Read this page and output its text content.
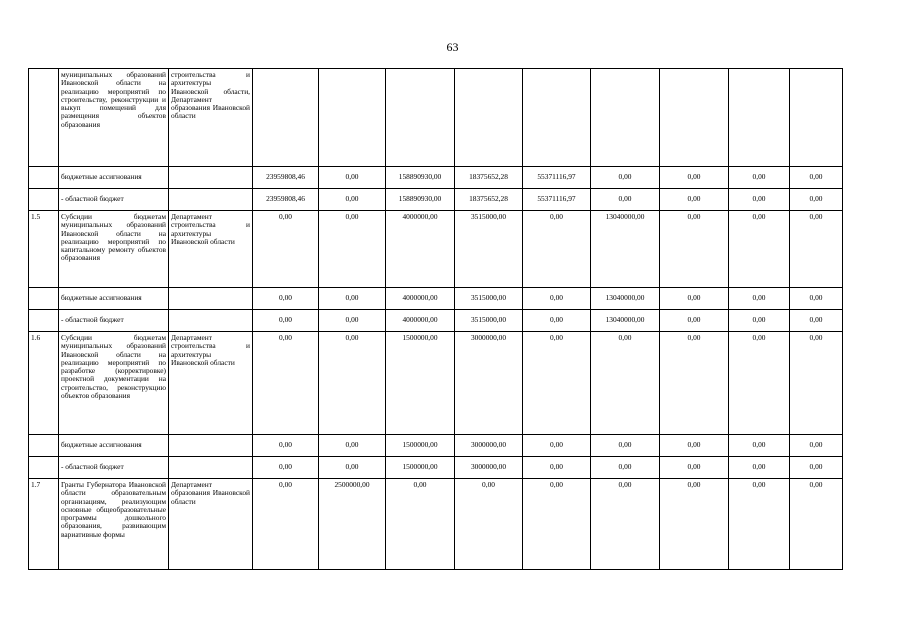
63
	муниципальных образований Ивановской области на реализацию мероприятий по строительству, реконструкции и выкуп помещений для размещения объектов образования	строительства и архитектуры Ивановской области, Департамент образования Ивановской области									
	бюджетные ассигнования		23959808,46	0,00	158890930,00	18375652,28	55371116,97	0,00	0,00	0,00	0,00
	- областной бюджет		23959808,46	0,00	158890930,00	18375652,28	55371116,97	0,00	0,00	0,00	0,00
1.5	Субсидии бюджетам муниципальных образований Ивановской области на реализацию мероприятий по капитальному ремонту объектов образования	Департамент строительства и архитектуры Ивановской области	0,00	0,00	4000000,00	3515000,00	0,00	13040000,00	0,00	0,00	0,00
	бюджетные ассигнования		0,00	0,00	4000000,00	3515000,00	0,00	13040000,00	0,00	0,00	0,00
	- областной бюджет		0,00	0,00	4000000,00	3515000,00	0,00	13040000,00	0,00	0,00	0,00
1.6	Субсидии бюджетам муниципальных образований Ивановской области на реализацию мероприятий по разработке (корректировке) проектной документации на строительство, реконструкцию объектов образования	Департамент строительства и архитектуры Ивановской области	0,00	0,00	1500000,00	3000000,00	0,00	0,00	0,00	0,00	0,00
	бюджетные ассигнования		0,00	0,00	1500000,00	3000000,00	0,00	0,00	0,00	0,00	0,00
	- областной бюджет		0,00	0,00	1500000,00	3000000,00	0,00	0,00	0,00	0,00	0,00
1.7	Гранты Губернатора Ивановской области образовательным организациям, реализующим основные общеобразовательные программы дошкольного образования, развивающим вариативные формы	Департамент образования Ивановской области	0,00	2500000,00	0,00	0,00	0,00	0,00	0,00	0,00	0,00
